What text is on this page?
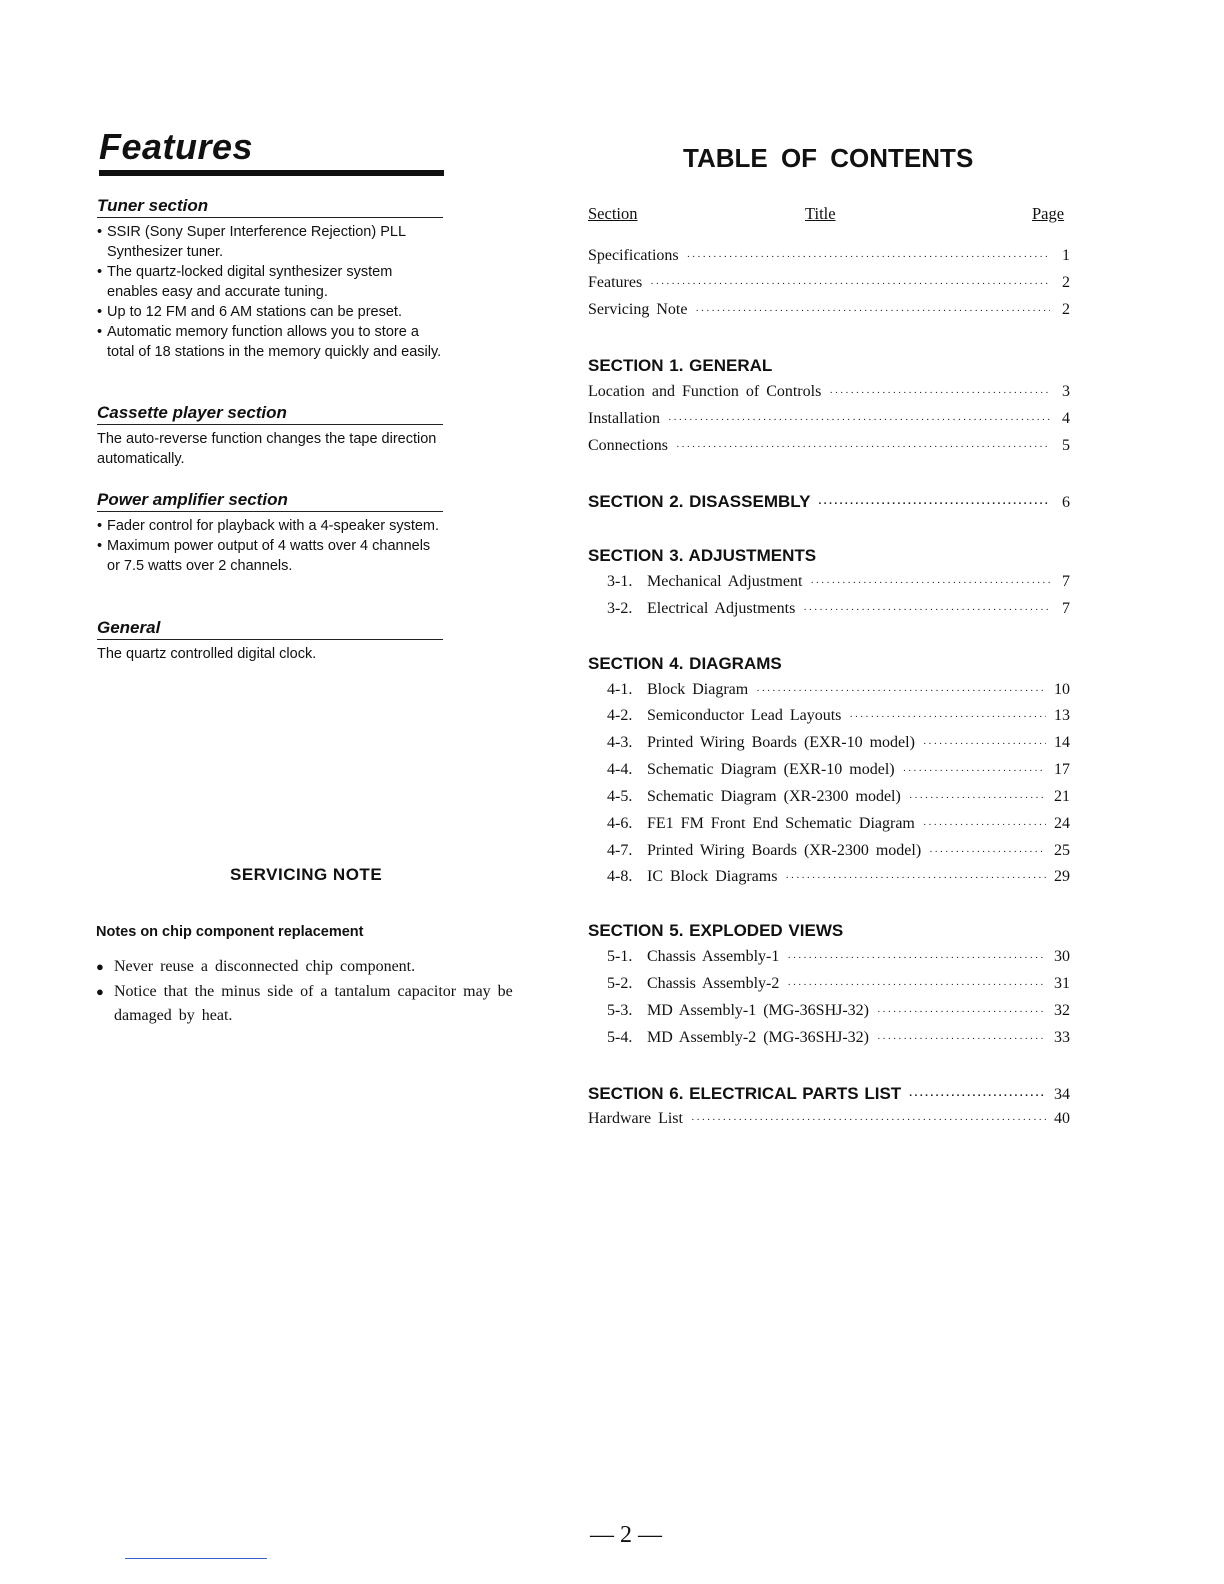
Features
Tuner section
• SSIR (Sony Super Interference Rejection) PLL Synthesizer tuner.
• The quartz-locked digital synthesizer system enables easy and accurate tuning.
• Up to 12 FM and 6 AM stations can be preset.
• Automatic memory function allows you to store a total of 18 stations in the memory quickly and easily.
Cassette player section

The auto-reverse function changes the tape direction automatically.

Power amplifier section
• Fader control for playback with a 4-speaker system.
• Maximum power output of 4 watts over 4 channels or 7.5 watts over 2 channels.
General

The quartz controlled digital clock.

SERVICING NOTE
Notes on chip component replacement
● Never reuse a disconnected chip component.
● Notice that the minus side of a tantalum capacitor may be damaged by heat.
TABLE OF CONTENTS
Section	Title	Page
Specifications ·····	1
Features ·····	2
Servicing Note ·····	2
SECTION 1. GENERAL
Location and Function of Controls ·····	3
Installation ·····	4
Connections ·····	5
SECTION 2. DISASSEMBLY ·····	6
SECTION 3. ADJUSTMENTS
3-1. Mechanical Adjustment ·····	7
3-2. Electrical Adjustments ·····	7
SECTION 4. DIAGRAMS
4-1. Block Diagram ·····	10
4-2. Semiconductor Lead Layouts ·····	13
4-3. Printed Wiring Boards (EXR-10 model) ·····	14
4-4. Schematic Diagram (EXR-10 model) ·····	17
4-5. Schematic Diagram (XR-2300 model) ·····	21
4-6. FE1 FM Front End Schematic Diagram ·····	24
4-7. Printed Wiring Boards (XR-2300 model) ·····	25
4-8. IC Block Diagrams ·····	29
SECTION 5. EXPLODED VIEWS
5-1. Chassis Assembly-1 ·····	30
5-2. Chassis Assembly-2 ·····	31
5-3. MD Assembly-1 (MG-36SHJ-32) ·····	32
5-4. MD Assembly-2 (MG-36SHJ-32) ·····	33
SECTION 6. ELECTRICAL PARTS LIST ·····	34
Hardware List ·····	40
— 2 —
